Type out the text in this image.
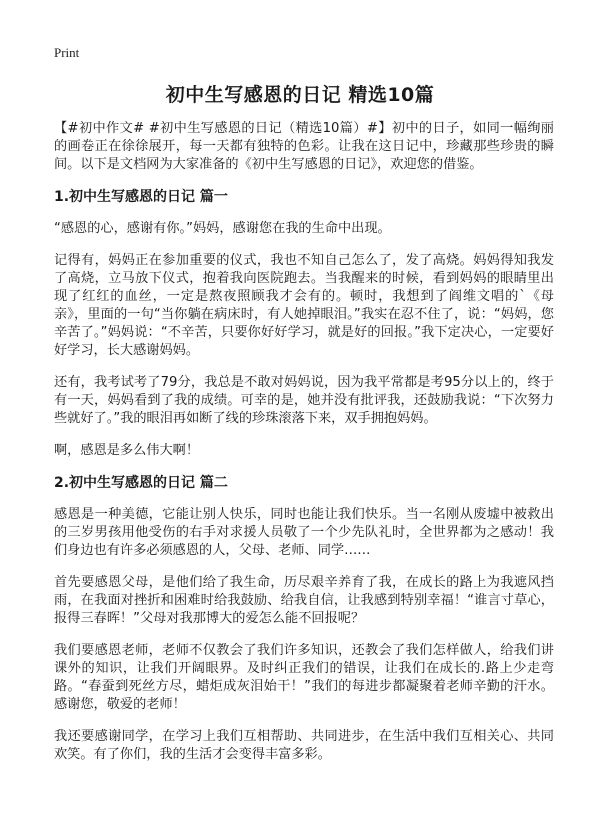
Print
初中生写感恩的日记 精选10篇

【#初中作文# #初中生写感恩的日记（精选10篇）#】初中的日子，如同一幅绚丽的画卷正在徐徐展开，每一天都有独特的色彩。让我在这日记中，珍藏那些珍贵的瞬间。以下是文档网为大家准备的《初中生写感恩的日记》，欢迎您的借鉴。

1.初中生写感恩的日记 篇一

“感恩的心，感谢有你。”妈妈，感谢您在我的生命中出现。

记得有，妈妈正在参加重要的仪式，我也不知自己怎么了，发了高烧。妈妈得知我发了高烧，立马放下仪式，抱着我向医院跑去。当我醒来的时候，看到妈妈的眼睛里出现了红红的血丝，一定是熬夜照顾我才会有的。顿时，我想到了阎维文唱的`《母亲》，里面的一句“当你躺在病床时，有人她掉眼泪。”我实在忍不住了，说：“妈妈，您辛苦了。”妈妈说：“不辛苦，只要你好好学习，就是好的回报。”我下定决心，一定要好好学习，长大感谢妈妈。

还有，我考试考了79分，我总是不敢对妈妈说，因为我平常都是考95分以上的，终于有一天，妈妈看到了我的成绩。可幸的是，她并没有批评我，还鼓励我说：“下次努力些就好了。”我的眼泪再如断了线的珍珠滚落下来，双手拥抱妈妈。

啊，感恩是多么伟大啊！

2.初中生写感恩的日记 篇二

感恩是一种美德，它能让别人快乐，同时也能让我们快乐。当一名刚从废墟中被救出的三岁男孩用他受伤的右手对求援人员敬了一个少先队礼时，全世界都为之感动！我们身边也有许多必须感恩的人，父母、老师、同学……

首先要感恩父母，是他们给了我生命，历尽艰辛养育了我，在成长的路上为我遮风挡雨，在我面对挫折和困难时给我鼓励、给我自信，让我感到特别幸福！“谁言寸草心，报得三春晖！”父母对我那博大的爱怎么能不回报呢？

我们要感恩老师，老师不仅教会了我们许多知识，还教会了我们怎样做人，给我们讲课外的知识，让我们开阔眼界。及时纠正我们的错误，让我们在成长的.路上少走弯路。“春蚕到死丝方尽，蜡炬成灰泪始干！”我们的每进步都凝聚着老师辛勤的汗水。感谢您，敬爱的老师！

我还要感谢同学，在学习上我们互相帮助、共同进步，在生活中我们互相关心、共同欢笑。有了你们，我的生活才会变得丰富多彩。
